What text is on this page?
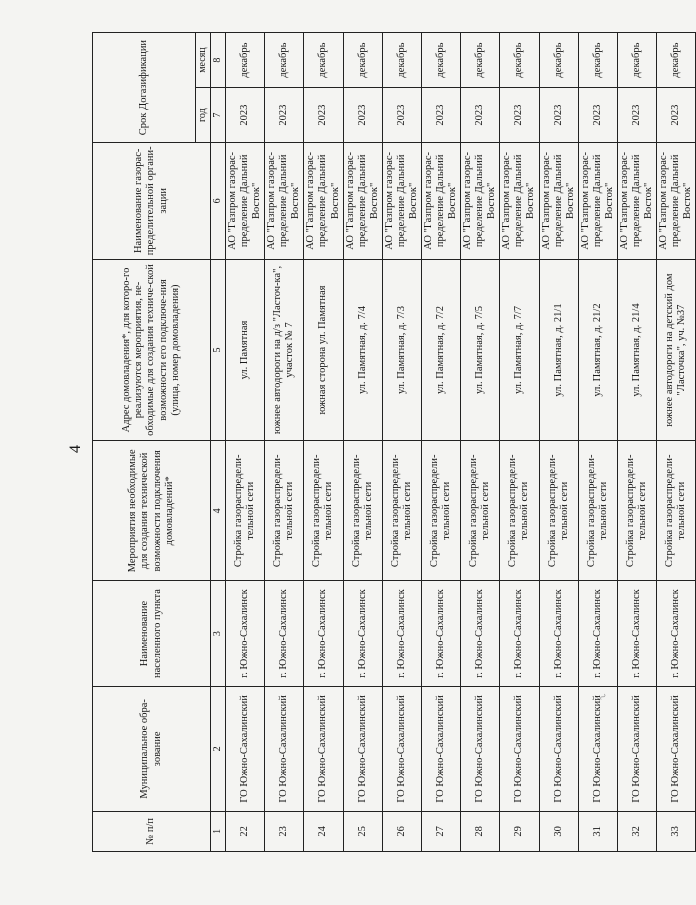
4
№ п/п	Муниципальное обра-зование	Наименование населенного пункта	Мероприятия необходимые для создания технической возможности подключения домовладений*	Адрес домовладения*, для которо-го реализуются мероприятия, не-обходимые для создания техниче-ской возможности его подключе-ния (улица, номер домовладения)	Наименование газорас-пределительной органи-зации	Срок Догазификации	
						год	месяц
1	2	3	4	5	6	7	8
22	ГО Южно-Сахалинский	г. Южно-Сахалинск	Стройка газораспредели-тельной сети	ул. Памятная	АО "Газпром газорас-пределение Дальний Восток"	2023	декабрь
23	ГО Южно-Сахалинский	г. Южно-Сахалинск	Стройка газораспредели-тельной сети	южнее автодороги на д/з "Ласточ-ка", участок № 7	АО "Газпром газорас-пределение Дальний Восток"	2023	декабрь
24	ГО Южно-Сахалинский	г. Южно-Сахалинск	Стройка газораспредели-тельной сети	южная сторона ул. Памятная	АО "Газпром газорас-пределение Дальний Восток"	2023	декабрь
25	ГО Южно-Сахалинский	г. Южно-Сахалинск	Стройка газораспредели-тельной сети	ул. Памятная, д. 7/4	АО "Газпром газорас-пределение Дальний Восток"	2023	декабрь
26	ГО Южно-Сахалинский	г. Южно-Сахалинск	Стройка газораспредели-тельной сети	ул. Памятная, д. 7/3	АО "Газпром газорас-пределение Дальний Восток"	2023	декабрь
27	ГО Южно-Сахалинский	г. Южно-Сахалинск	Стройка газораспредели-тельной сети	ул. Памятная, д. 7/2	АО "Газпром газорас-пределение Дальний Восток"	2023	декабрь
28	ГО Южно-Сахалинский	г. Южно-Сахалинск	Стройка газораспредели-тельной сети	ул. Памятная, д. 7/5	АО "Газпром газорас-пределение Дальний Восток"	2023	декабрь
29	ГО Южно-Сахалинский	г. Южно-Сахалинск	Стройка газораспредели-тельной сети	ул. Памятная, д. 7/7	АО "Газпром газорас-пределение Дальний Восток"	2023	декабрь
30	ГО Южно-Сахалинский	г. Южно-Сахалинск	Стройка газораспредели-тельной сети	ул. Памятная, д. 21/1	АО "Газпром газорас-пределение Дальний Восток"	2023	декабрь
31	ГО Южно-Сахалинский	г. Южно-Сахалинск	Стройка газораспредели-тельной сети	ул. Памятная, д. 21/2	АО "Газпром газорас-пределение Дальний Восток"	2023	декабрь
32	ГО Южно-Сахалинский	г. Южно-Сахалинск	Стройка газораспредели-тельной сети	ул. Памятная, д. 21/4	АО "Газпром газорас-пределение Дальний Восток"	2023	декабрь
33	ГО Южно-Сахалинский	г. Южно-Сахалинск	Стройка газораспредели-тельной сети	южнее автодороги на детский дом "Ласточка", уч. №37	АО "Газпром газорас-пределение Дальний Восток"	2023	декабрь
~
